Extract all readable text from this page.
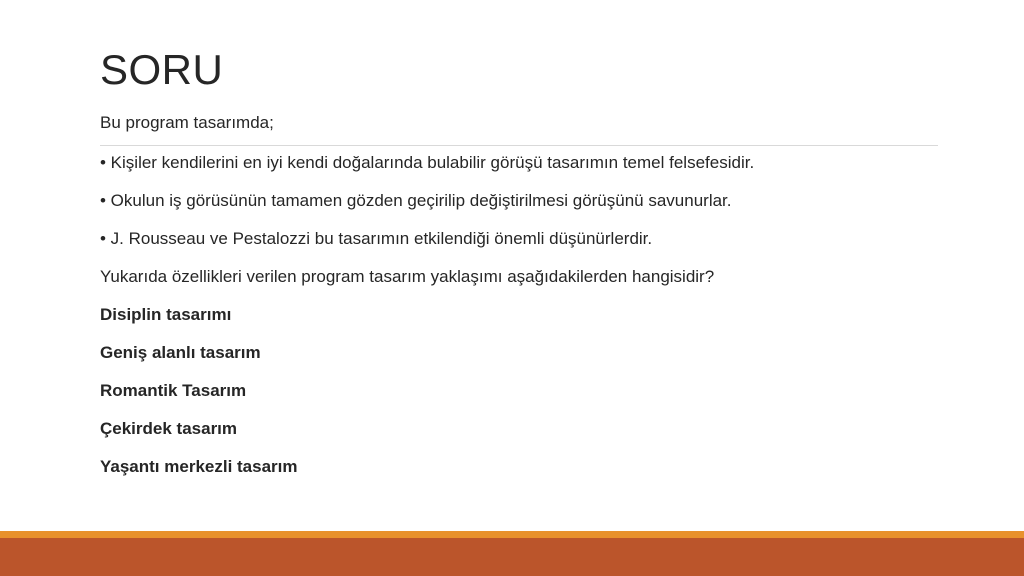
SORU
Bu program tasarımda;
• Kişiler kendilerini en iyi kendi doğalarında bulabilir görüşü tasarımın temel felsefesidir.
• Okulun iş görüsünün tamamen gözden geçirilip değiştirilmesi görüşünü savunurlar.
• J. Rousseau ve Pestalozzi bu tasarımın etkilendiği önemli düşünürlerdir.
Yukarıda özellikleri verilen program tasarım yaklaşımı aşağıdakilerden hangisidir?
Disiplin tasarımı
Geniş alanlı tasarım
Romantik Tasarım
Çekirdek tasarım
Yaşantı merkezli tasarım
